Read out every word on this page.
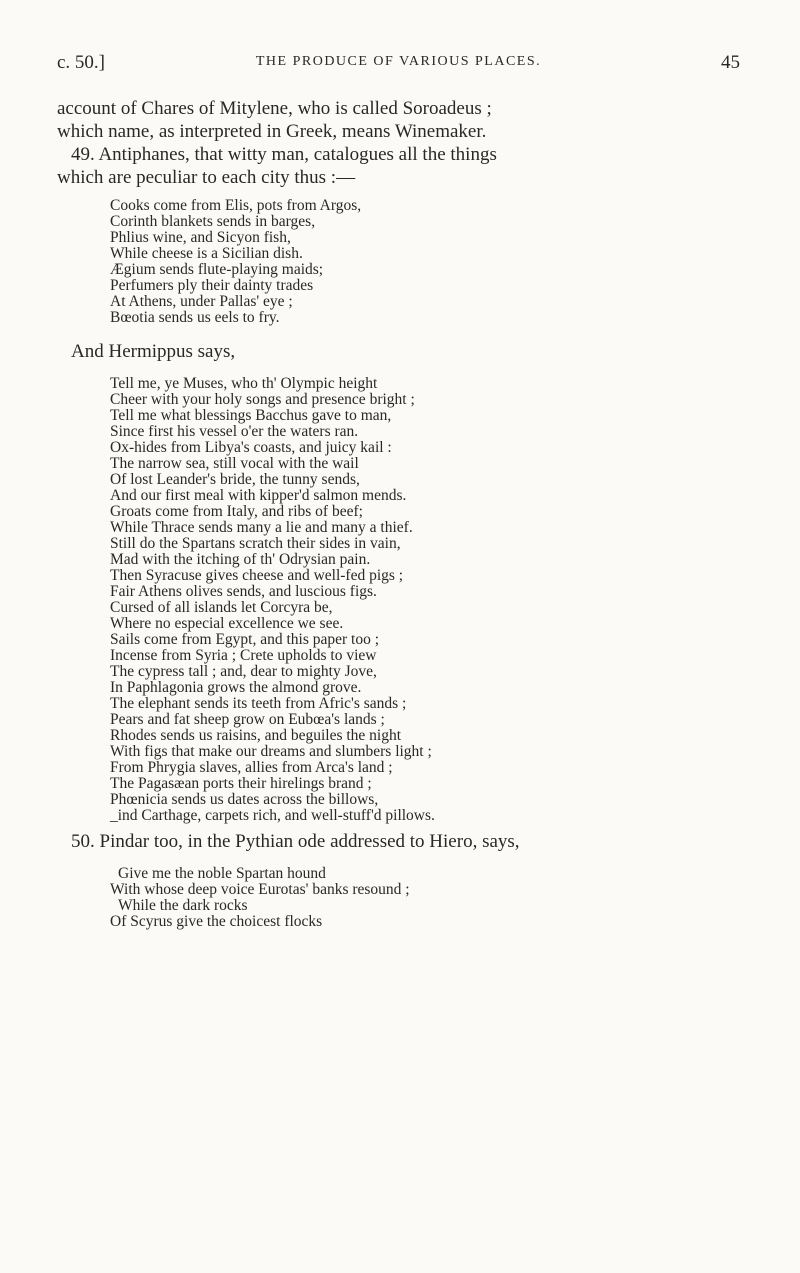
c. 50.]	THE PRODUCE OF VARIOUS PLACES.	45
account of Chares of Mitylene, who is called Soroadeus ;
which name, as interpreted in Greek, means Winemaker.
49. Antiphanes, that witty man, catalogues all the things
which are peculiar to each city thus :—
Cooks come from Elis, pots from Argos,
Corinth blankets sends in barges,
Phlius wine, and Sicyon fish,
While cheese is a Sicilian dish.
Ægium sends flute-playing maids;
Perfumers ply their dainty trades
At Athens, under Pallas' eye ;
Bœotia sends us eels to fry.
And Hermippus says,
Tell me, ye Muses, who th' Olympic height
Cheer with your holy songs and presence bright ;
Tell me what blessings Bacchus gave to man,
Since first his vessel o'er the waters ran.
Ox-hides from Libya's coasts, and juicy kail :
The narrow sea, still vocal with the wail
Of lost Leander's bride, the tunny sends,
And our first meal with kipper'd salmon mends.
Groats come from Italy, and ribs of beef;
While Thrace sends many a lie and many a thief.
Still do the Spartans scratch their sides in vain,
Mad with the itching of th' Odrysian pain.
Then Syracuse gives cheese and well-fed pigs ;
Fair Athens olives sends, and luscious figs.
Cursed of all islands let Corcyra be,
Where no especial excellence we see.
Sails come from Egypt, and this paper too ;
Incense from Syria ; Crete upholds to view
The cypress tall ; and, dear to mighty Jove,
In Paphlagonia grows the almond grove.
The elephant sends its teeth from Afric's sands ;
Pears and fat sheep grow on Eubœa's lands ;
Rhodes sends us raisins, and beguiles the night
With figs that make our dreams and slumbers light ;
From Phrygia slaves, allies from Arca's land ;
The Pagasæan ports their hirelings brand ;
Phœnicia sends us dates across the billows,
_ind Carthage, carpets rich, and well-stuff'd pillows.
50. Pindar too, in the Pythian ode addressed to Hiero, says,
Give me the noble Spartan hound
With whose deep voice Eurotas' banks resound ;
While the dark rocks
Of Scyrus give the choicest flocks
